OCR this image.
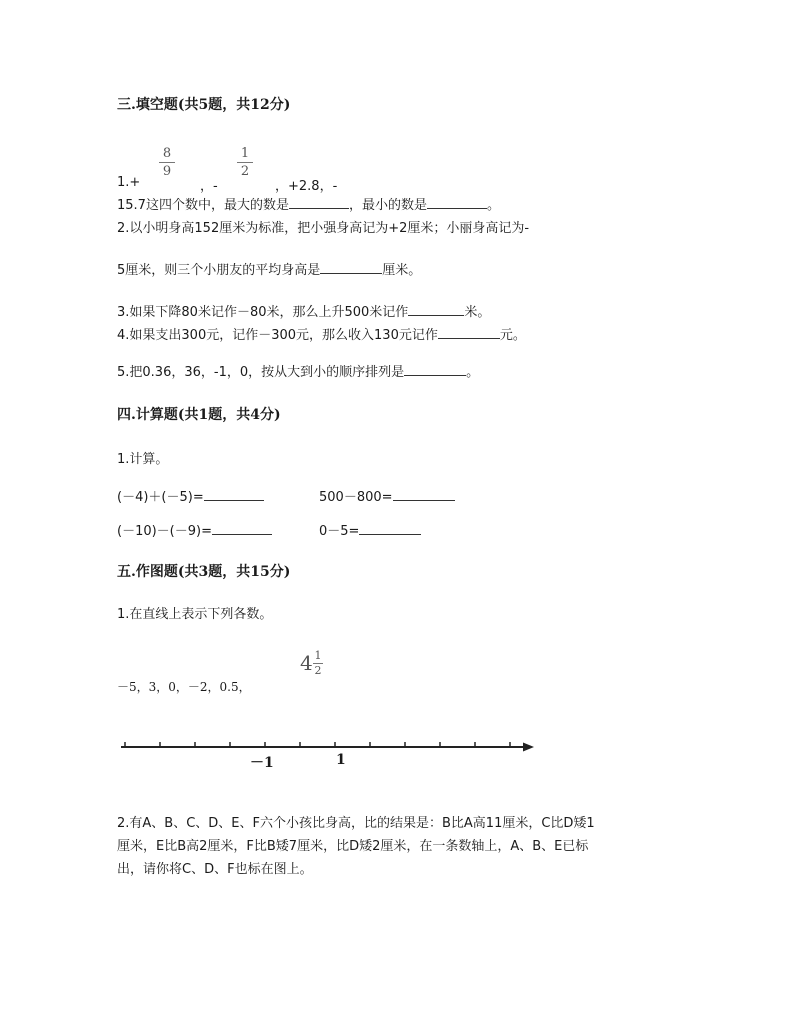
三.填空题(共5题，共12分)
8
9
1
2
1.+	，-	，+2.8，-
15.7这四个数中，最大的数是	，最小的数是	。
2.以小明身高152厘米为标准，把小强身高记为+2厘米；小丽身高记为-
5厘米，则三个小朋友的平均身高是	厘米。
3.如果下降80米记作－80米，那么上升500米记作	米。
4.如果支出300元，记作－300元，那么收入130元记作	元。
5.把0.36，36，-1，0，按从大到小的顺序排列是	。
四.计算题(共1题，共4分)
1.计算。
(－4)＋(－5)=	500－800=
(－10)－(－9)=	0－5=
五.作图题(共3题，共15分)
1.在直线上表示下列各数。
－5，3，0，－2，0.5，
4 1
2
－1	1
2.有A、B、C、D、E、F六个小孩比身高，比的结果是：B比A高11厘米，C比D矮1
厘米，E比B高2厘米，F比B矮7厘米，比D矮2厘米，在一条数轴上，A、B、E已标
出，请你将C、D、F也标在图上。
